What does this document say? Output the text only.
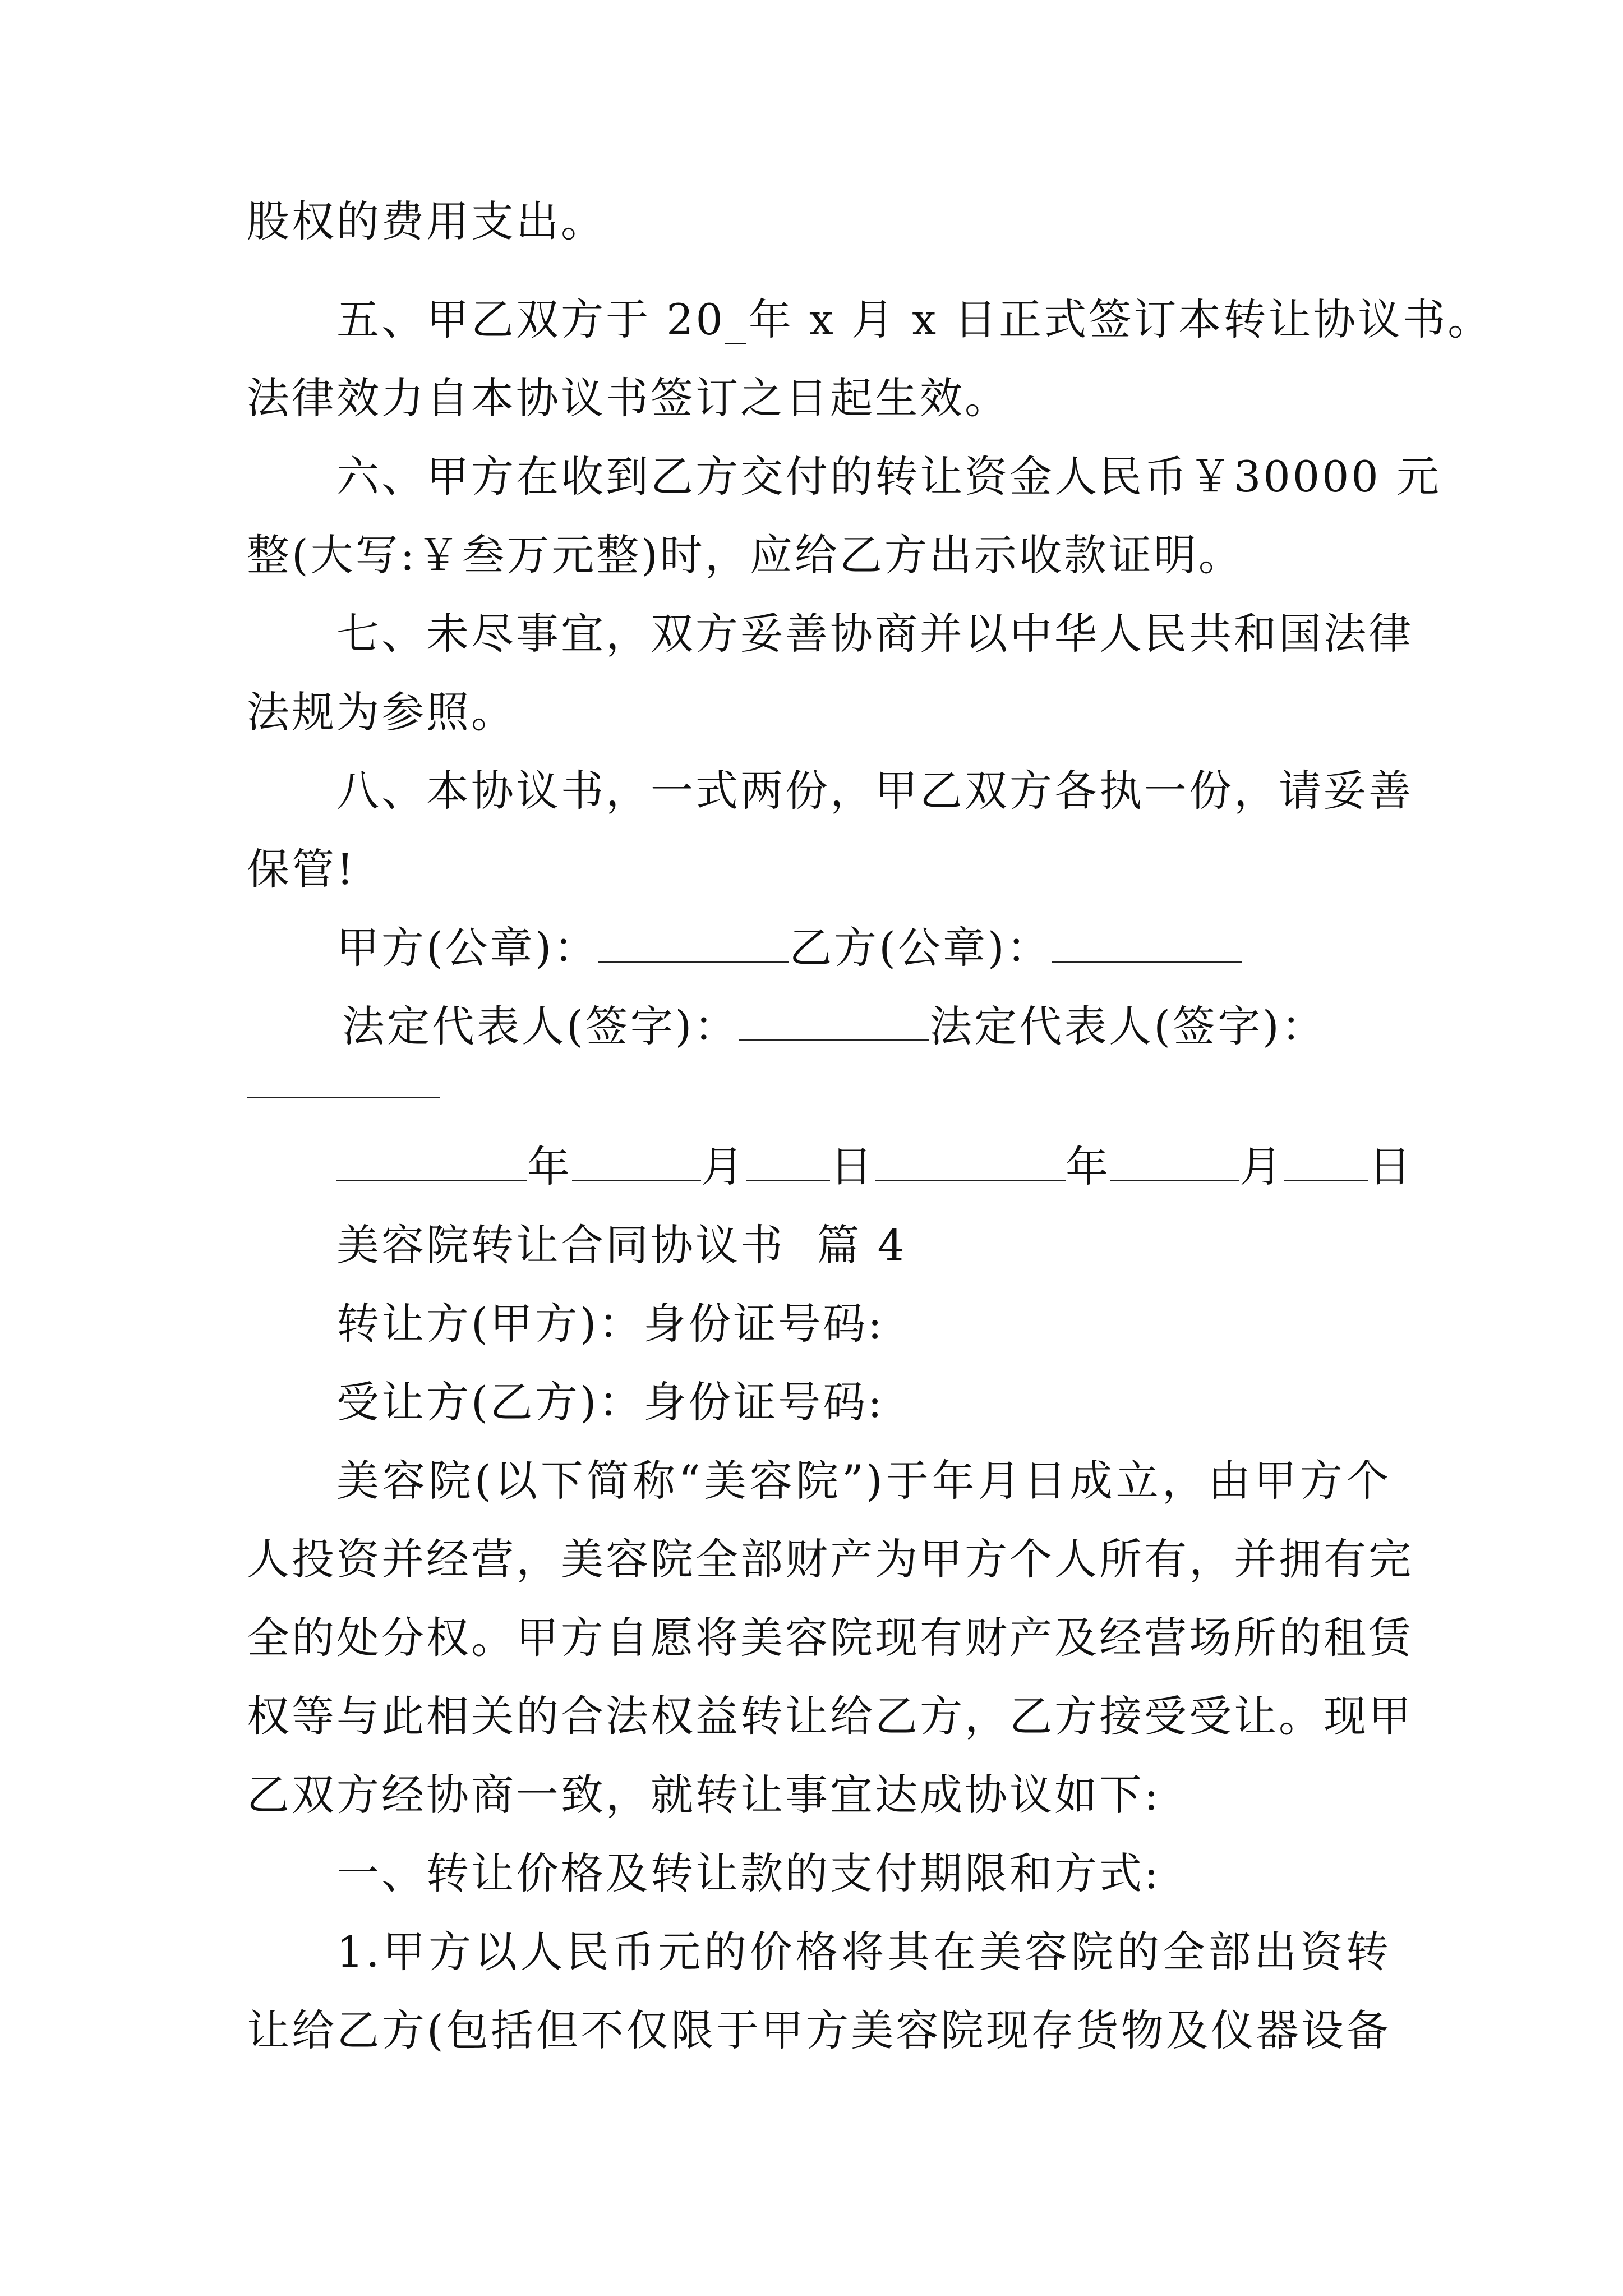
股权的费用支出。
五、甲乙双方于 20_年 x 月 x 日正式签订本转让协议书。
法律效力自本协议书签订之日起生效。
六、甲方在收到乙方交付的转让资金人民币￥30000 元
整(大写:￥叁万元整)时，应给乙方出示收款证明。
七、未尽事宜，双方妥善协商并以中华人民共和国法律
法规为参照。
八、本协议书，一式两份，甲乙双方各执一份，请妥善
保管!
甲方(公章)：	乙方(公章)：
法定代表人(签字)：	法定代表人(签字)：
年	月 日	年	月 日
美容院转让合同协议书  篇 4
转让方(甲方)：身份证号码:
受让方(乙方)：身份证号码:
美容院(以下简称“美容院”)于年月日成立，由甲方个
人投资并经营，美容院全部财产为甲方个人所有，并拥有完
全的处分权。甲方自愿将美容院现有财产及经营场所的租赁
权等与此相关的合法权益转让给乙方，乙方接受受让。现甲
乙双方经协商一致，就转让事宜达成协议如下:
一、转让价格及转让款的支付期限和方式:
1.甲方以人民币元的价格将其在美容院的全部出资转
让给乙方(包括但不仅限于甲方美容院现存货物及仪器设备
